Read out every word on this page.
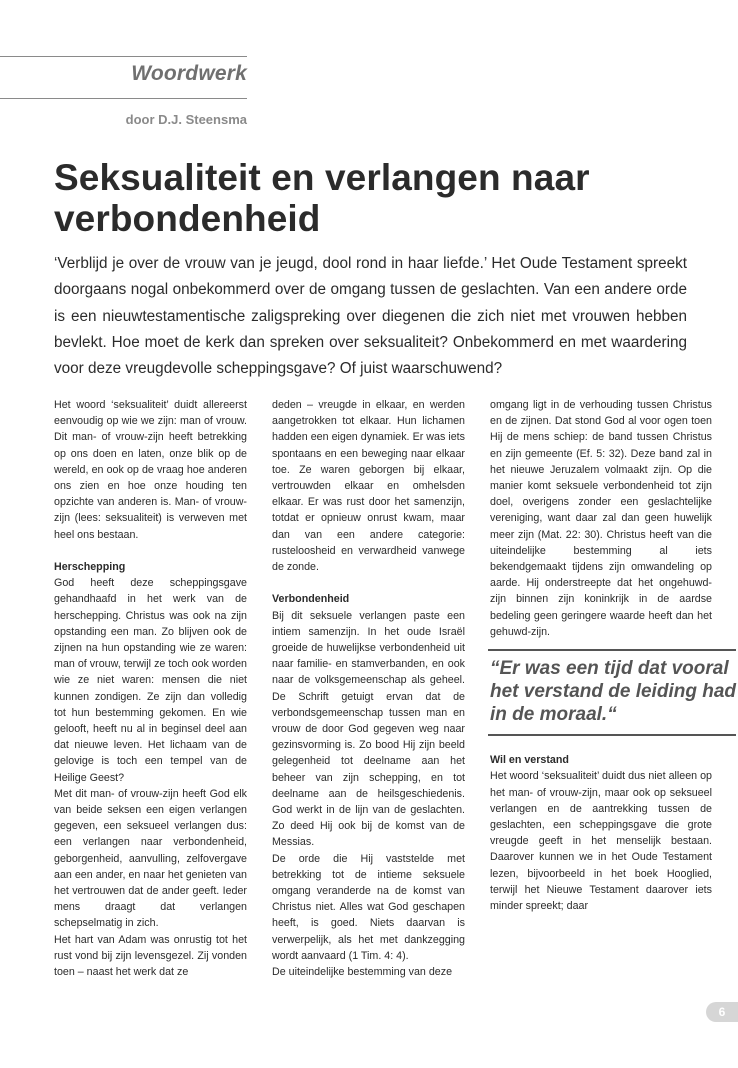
Woordwerk
door D.J. Steensma
Seksualiteit en verlangen naar verbondenheid

‘Verblijd je over de vrouw van je jeugd, dool rond in haar liefde.’ Het Oude Testament spreekt doorgaans nogal onbekommerd over de omgang tussen de geslachten. Van een andere orde is een nieuwtestamentische zaligspreking over diegenen die zich niet met vrouwen hebben bevlekt. Hoe moet de kerk dan spreken over seksualiteit? Onbekommerd en met waardering voor deze vreugdevolle scheppingsgave? Of juist waarschuwend?

Het woord ‘seksualiteit’ duidt allereerst eenvoudig op wie we zijn: man of vrouw. Dit man- of vrouw-zijn heeft betrekking op ons doen en laten, onze blik op de wereld, en ook op de vraag hoe anderen ons zien en hoe onze houding ten opzichte van anderen is. Man- of vrouw-zijn (lees: seksualiteit) is verweven met heel ons bestaan.

Herschepping

God heeft deze scheppingsgave gehandhaafd in het werk van de herschepping. Christus was ook na zijn opstanding een man. Zo blijven ook de zijnen na hun opstanding wie ze waren: man of vrouw, terwijl ze toch ook worden wie ze niet waren: mensen die niet kunnen zondigen. Ze zijn dan volledig tot hun bestemming gekomen. En wie gelooft, heeft nu al in beginsel deel aan dat nieuwe leven. Het lichaam van de gelovige is toch een tempel van de Heilige Geest?

Met dit man- of vrouw-zijn heeft God elk van beide seksen een eigen verlangen gegeven, een seksueel verlangen dus: een verlangen naar verbondenheid, geborgenheid, aanvulling, zelfovergave aan een ander, en naar het genieten van het vertrouwen dat de ander geeft. Ieder mens draagt dat verlangen schepselmatig in zich.

Het hart van Adam was onrustig tot het rust vond bij zijn levensgezel. Zij vonden toen – naast het werk dat ze

deden – vreugde in elkaar, en werden aangetrokken tot elkaar. Hun lichamen hadden een eigen dynamiek. Er was iets spontaans en een beweging naar elkaar toe. Ze waren geborgen bij elkaar, vertrouwden elkaar en omhelsden elkaar. Er was rust door het samenzijn, totdat er opnieuw onrust kwam, maar dan van een andere categorie: rusteloosheid en verwardheid vanwege de zonde.

Verbondenheid

Bij dit seksuele verlangen paste een intiem samenzijn. In het oude Israël groeide de huwelijkse verbondenheid uit naar familie- en stamverbanden, en ook naar de volksgemeenschap als geheel. De Schrift getuigt ervan dat de verbondsgemeenschap tussen man en vrouw de door God gegeven weg naar gezinsvorming is. Zo bood Hij zijn beeld gelegenheid tot deelname aan het beheer van zijn schepping, en tot deelname aan de heilsgeschiedenis. God werkt in de lijn van de geslachten. Zo deed Hij ook bij de komst van de Messias.

De orde die Hij vaststelde met betrekking tot de intieme seksuele omgang veranderde na de komst van Christus niet. Alles wat God geschapen heeft, is goed. Niets daarvan is verwerpelijk, als het met dankzegging wordt aanvaard (1 Tim. 4: 4).

De uiteindelijke bestemming van deze

omgang ligt in de verhouding tussen Christus en de zijnen. Dat stond God al voor ogen toen Hij de mens schiep: de band tussen Christus en zijn gemeente (Ef. 5: 32). Deze band zal in het nieuwe Jeruzalem volmaakt zijn. Op die manier komt seksuele verbondenheid tot zijn doel, overigens zonder een geslachtelijke vereniging, want daar zal dan geen huwelijk meer zijn (Mat. 22: 30). Christus heeft van die uiteindelijke bestemming al iets bekendgemaakt tijdens zijn omwandeling op aarde. Hij onderstreepte dat het ongehuwd-zijn binnen zijn koninkrijk in de aardse bedeling geen geringere waarde heeft dan het gehuwd-zijn.

“Er was een tijd dat vooral het verstand de leiding had in de moraal.“
Wil en verstand

Het woord ‘seksualiteit’ duidt dus niet alleen op het man- of vrouw-zijn, maar ook op seksueel verlangen en de aantrekking tussen de geslachten, een scheppingsgave die grote vreugde geeft in het menselijk bestaan. Daarover kunnen we in het Oude Testament lezen, bijvoorbeeld in het boek Hooglied, terwijl het Nieuwe Testament daarover iets minder spreekt; daar

6
